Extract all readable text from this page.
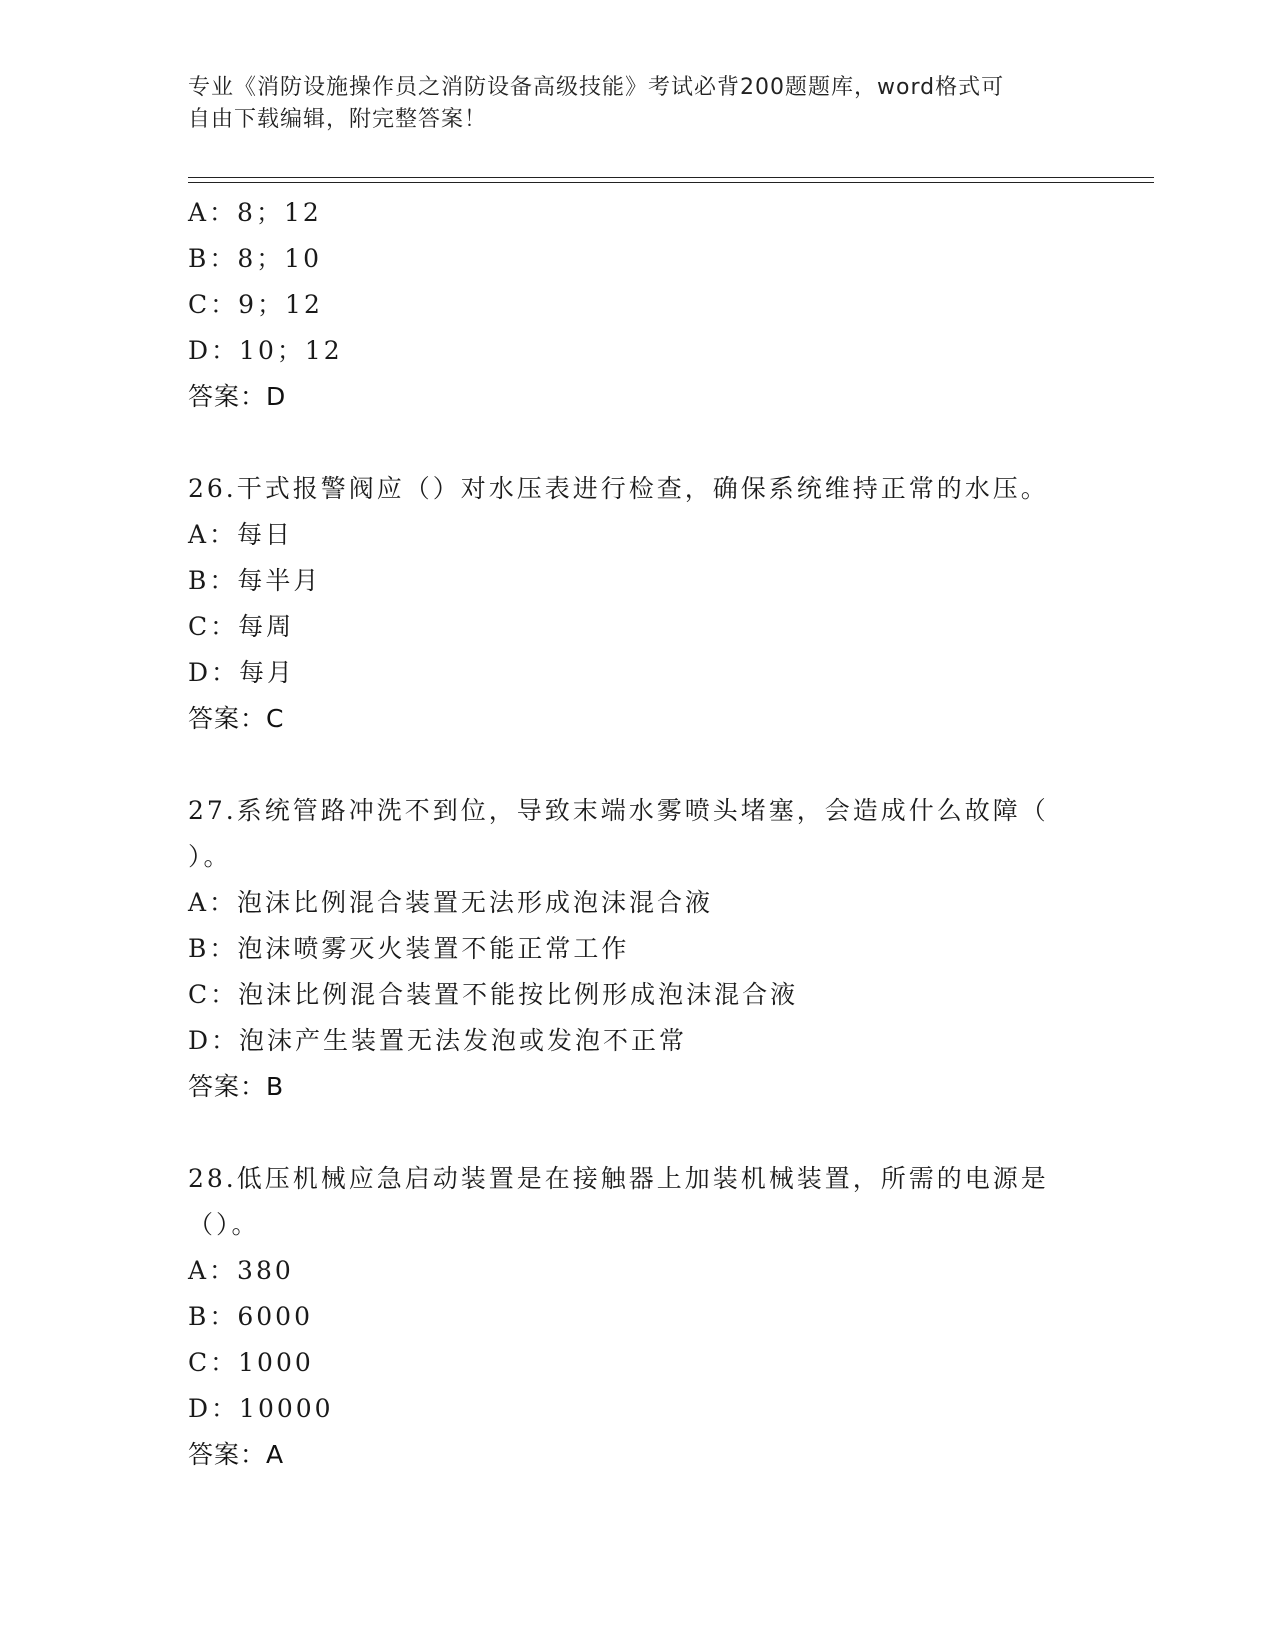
专业《消防设施操作员之消防设备高级技能》考试必背200题题库，word格式可
自由下载编辑，附完整答案！
A：8；12
B：8；10
C：9；12
D：10；12
答案：D
26.干式报警阀应（）对水压表进行检查，确保系统维持正常的水压。
A：每日
B：每半月
C：每周
D：每月
答案：C
27.系统管路冲洗不到位，导致末端水雾喷头堵塞，会造成什么故障（
）。
A：泡沫比例混合装置无法形成泡沫混合液
B：泡沫喷雾灭火装置不能正常工作
C：泡沫比例混合装置不能按比例形成泡沫混合液
D：泡沫产生装置无法发泡或发泡不正常
答案：B
28.低压机械应急启动装置是在接触器上加装机械装置，所需的电源是
（）。
A：380
B：6000
C：1000
D：10000
答案：A
